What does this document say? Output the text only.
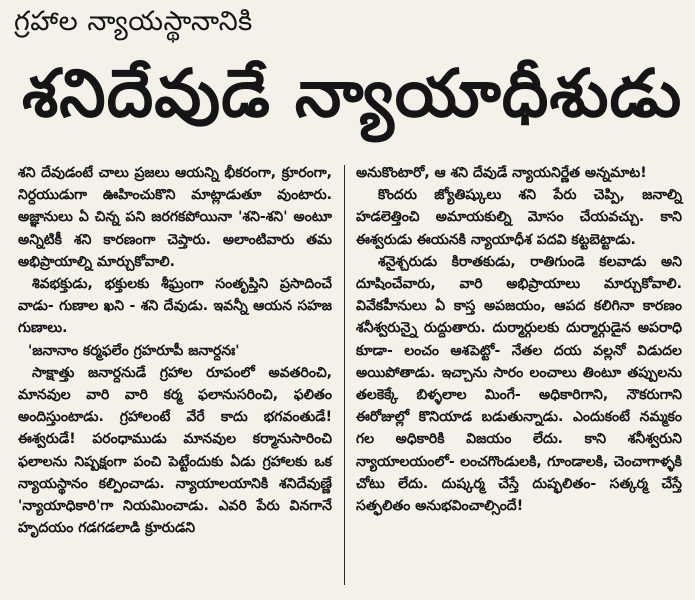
గ్రహాల న్యాయస్థానానికి
శనిదేవుడే న్యాయాధీశుడు

శని దేవుడంటే చాలు ప్రజలు ఆయన్ని భీకరంగా, క్రూరంగా, నిర్దయుడుగా ఊహించుకొని మాట్లాడుతూ వుంటారు. అజ్ఞానులు ఏ చిన్న పని జరగకపోయినా 'శని-శని' అంటూ అన్నిటికీ శని కారణంగా చెప్తారు. అలాంటివారు తమ అభిప్రాయాల్ని మార్చుకోవాలి.

శివభక్తుడు, భక్తులకు శీఘ్రంగా సంతృప్తిని ప్రసాదించే వాడు- గుణాల ఖని - శని దేవుడు. ఇవన్నీ ఆయన సహజ గుణాలు.

'జనానాం కర్మఫలేం గ్రహరూపీ జనార్దనః'

సాక్షాత్తు జనార్దనుడే గ్రహాల రూపంలో అవతరించి, మానవుల వారి వారి కర్మ ఫలానుసరించి, ఫలితం అందిస్తుంటాడు. గ్రహాలంటే వేరే కాదు భగవంతుడే! ఈశ్వరుడే! పరంధాముడు మానవుల కర్మానుసారించి ఫలాలను నిష్పక్షంగా పంచి పెట్టేందుకు ఏడు గ్రహాలకు ఒక న్యాయస్థానం కల్పించాడు. న్యాయాలయానికి శనిదేవుణ్ణే 'న్యాయాధికారి'గా నియమించాడు. ఎవరి పేరు వినగానే హృదయం గడగడలాడి క్రూరుడని

అనుకొంటారో, ఆ శని దేవుడే న్యాయనిర్ణేత అన్నమాట!

కొందరు జ్యోతిష్కులు శని పేరు చెప్పి, జనాల్ని హడలెత్తించి అమాయకుల్ని మోసం చేయవచ్చు. కాని ఈశ్వరుడు ఈయనకి న్యాయాధీశ పదవి కట్టబెట్టాడు.

శనైశ్చరుడు కిరాతకుడు, రాతిగుండె కలవాడు అని దూషించేవారు, వారి అభిప్రాయాలు మార్చుకోవాలి. వివేకహీనులు ఏ కాస్త అపజయం, ఆపద కలిగినా కారణం శనీశ్వరున్నై రుద్దుతారు. దుర్మార్గులకు దుర్మార్గుడైన అపరాధి కూడా- లంచం ఆశపెట్టో- నేతల దయ వల్లనో విడుదల అయిపోతాడు. ఇచ్చాను సారం లంచాలు తింటూ తప్పులను తలకెక్కే బిళ్ళలాల మింగే- అధికారిగాని, నౌకరుగాని ఈరోజుల్లో కొనియాడ బడుతున్నాడు. ఎందుకంటే నమ్మకం గల అధికారికి విజయం లేదు. కాని శనీశ్వరుని న్యాయాలయంలో- లంచగొండులకి, గూండాలకి, చెంచాగాళ్ళకి చోటు లేదు. దుష్కర్మ చేస్తే దుష్ఫలితం- సత్కర్మ చేస్తే సత్ఫలితం అనుభవించాల్సిందే!
